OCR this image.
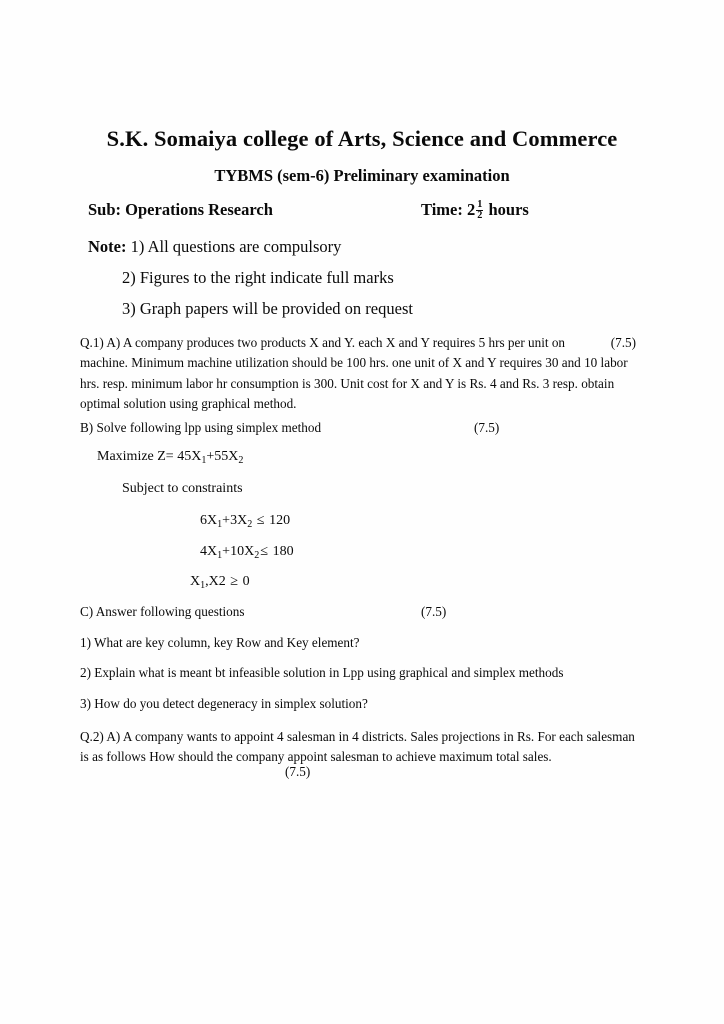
S.K. Somaiya college of Arts, Science and Commerce
TYBMS (sem-6) Preliminary examination
Sub: Operations Research	Time: $2 \frac{1}{2}$ hours
Note: 1) All questions are compulsory
2) Figures to the right indicate full marks
3) Graph papers will be provided on request
(7.5)
Q.1) A) A company produces two products X and Y. each X and Y requires 5 hrs per unit on machine. Minimum machine utilization should be 100 hrs. one unit of X and Y requires 30 and 10 labor hrs. resp. minimum labor hr consumption is 300. Unit cost for X and Y is Rs. 4 and Rs. 3 resp. obtain optimal solution using graphical method.
B) Solve following lpp using simplex method	(7.5)
Maximize $Z= 45X_1+55X_2$
Subject to constraints
$6X_1+3X_2 \le 120$
$4X_1+10X_2\le 180$
$X_1,X2 \ge 0$
C) Answer following questions	(7.5)
1) What are key column, key Row and Key element?
2) Explain what is meant bt infeasible solution in Lpp using graphical and simplex methods
3) How do you detect degeneracy in simplex solution?
Q.2) A) A company wants to appoint 4 salesman in 4 districts. Sales projections in Rs. For each salesman is as follows How should the company appoint salesman to achieve maximum total sales.
(7.5)
